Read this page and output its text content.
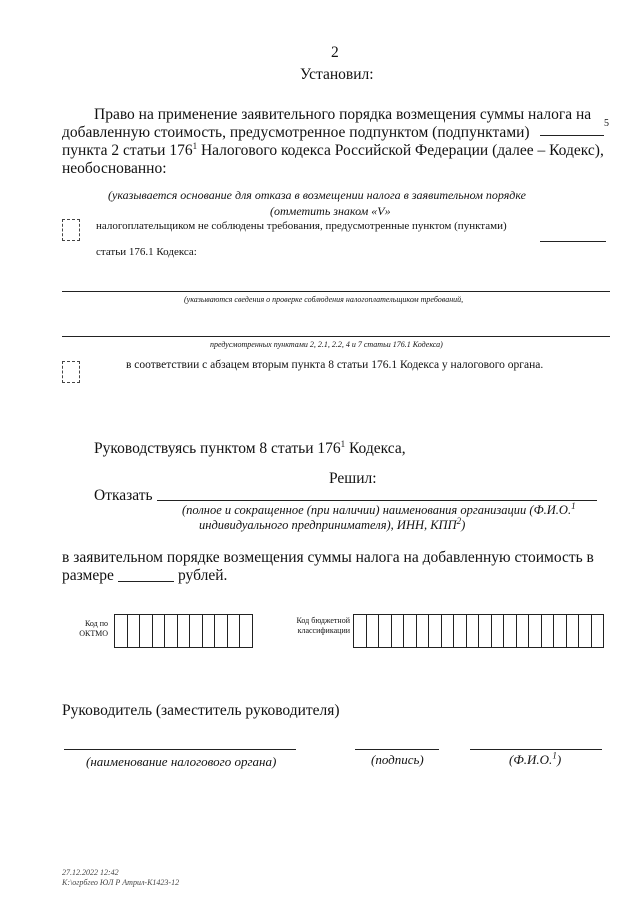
2
Установил:
Право на применение заявительного порядка возмещения суммы налога на
добавленную стоимость, предусмотренное подпунктом (подпунктами)
5
пункта 2 статьи $176^1$ Налогового кодекса Российской Федерации (далее – Кодекс),
необоснованно:
(указывается основание для отказа в возмещении налога в заявительном порядке
(отметить знаком «V»
налогоплательщиком не соблюдены требования, предусмотренные пунктом (пунктами)
статьи 176.1 Кодекса:
(указываются сведения о проверке соблюдения налогоплательщиком требований,
предусмотренных пунктами 2, 2.1, 2.2, 4 и 7 статьи 176.1 Кодекса)
в соответствии с абзацем вторым пункта 8 статьи 176.1 Кодекса у налогового органа.
Руководствуясь пунктом 8 статьи $176^1$ Кодекса,
Решил:
Отказать
(полное и сокращенное (при наличии) наименования организации (Ф.И.О.$^1$
индивидуального предпринимателя), ИНН, КПП$^2$)
в заявительном порядке возмещения суммы налога на добавленную стоимость в
размере	рублей.
Код по
ОКТМО
Код бюджетной
классификации
Руководитель (заместитель руководителя)
(наименование налогового органа)	(подпись)	(Ф.И.О.$^1$)
27.12.2022 12:42
К:\огрбгео ЮЛ Р Атрил-К1423-12
